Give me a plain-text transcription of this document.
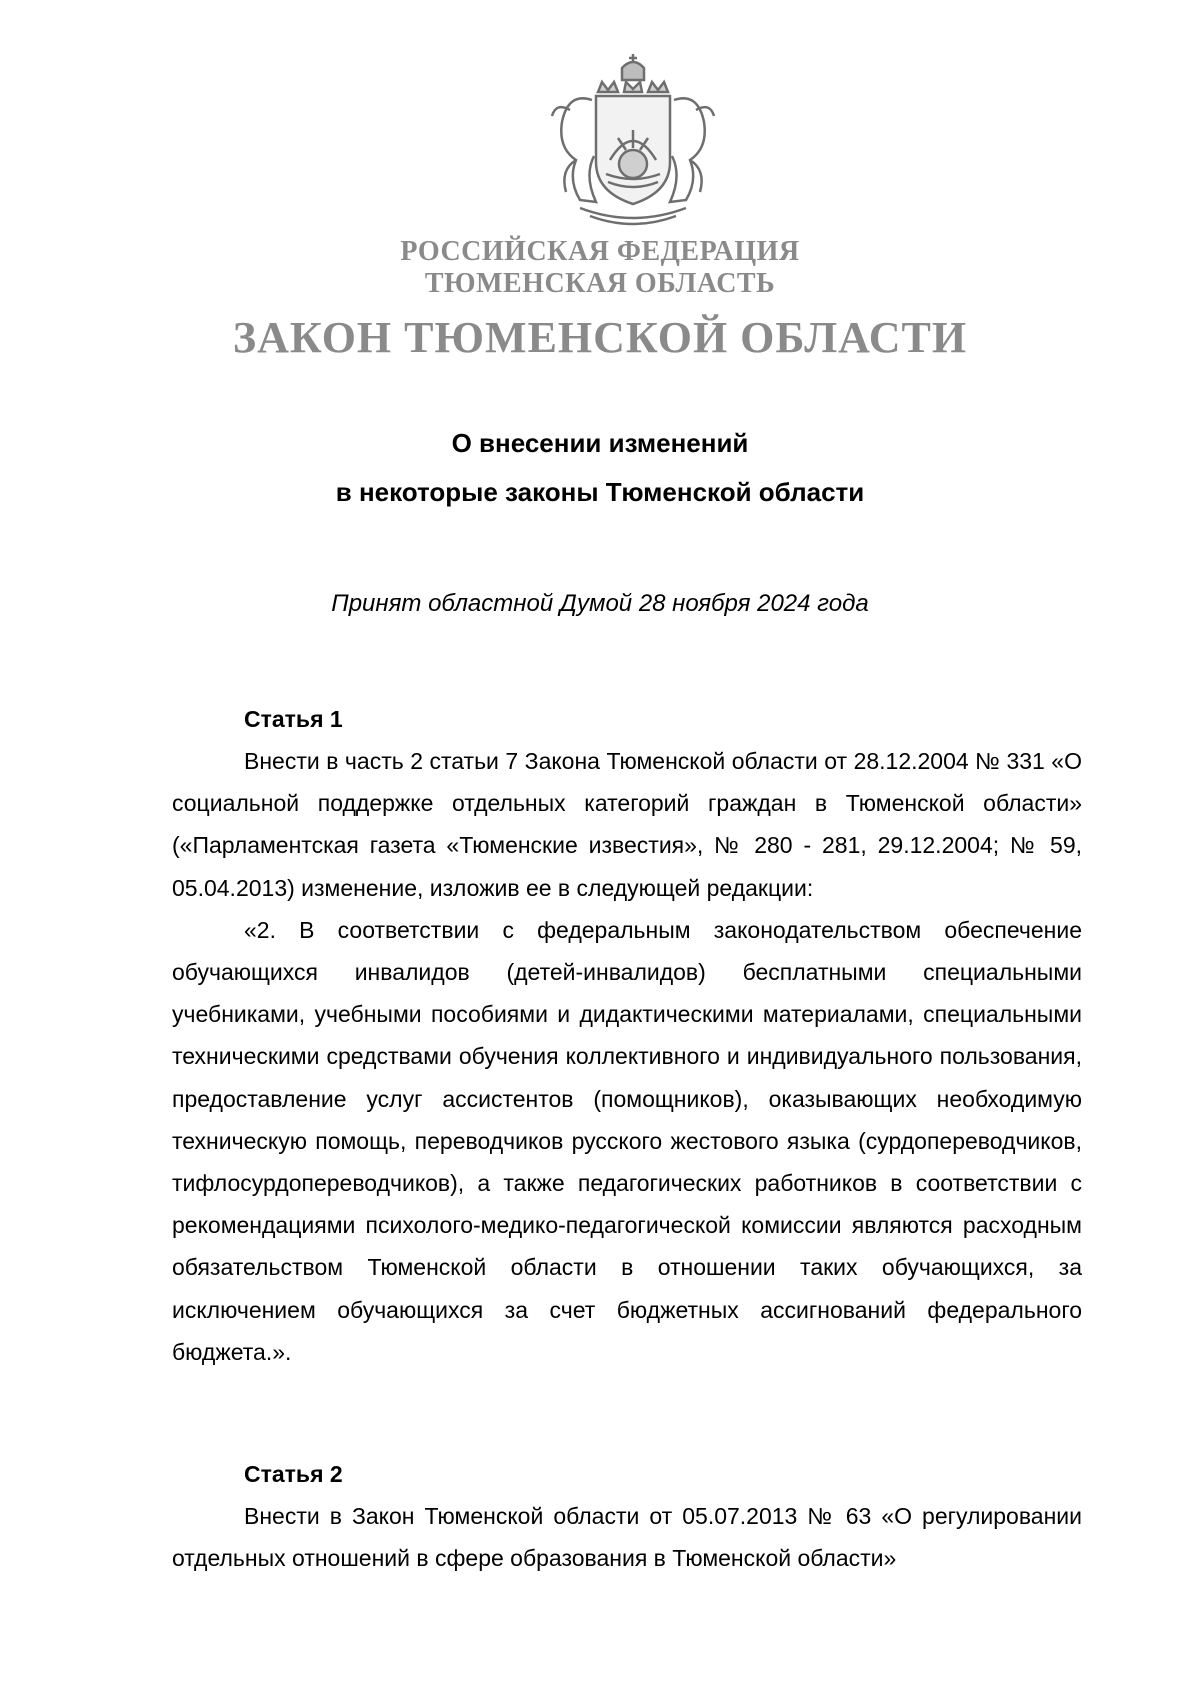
РОССИЙСКАЯ ФЕДЕРАЦИЯ
ТЮМЕНСКАЯ ОБЛАСТЬ
ЗАКОН ТЮМЕНСКОЙ ОБЛАСТИ
О внесении изменений
в некоторые законы Тюменской области
Принят областной Думой 28 ноября 2024 года
Статья 1

Внести в часть 2 статьи 7 Закона Тюменской области от 28.12.2004 № 331 «О социальной поддержке отдельных категорий граждан в Тюменской области» («Парламентская газета «Тюменские известия», № 280 - 281, 29.12.2004; № 59, 05.04.2013) изменение, изложив ее в следующей редакции:

«2. В соответствии с федеральным законодательством обеспечение обучающихся инвалидов (детей-инвалидов) бесплатными специальными учебниками, учебными пособиями и дидактическими материалами, специальными техническими средствами обучения коллективного и индивидуального пользования, предоставление услуг ассистентов (помощников), оказывающих необходимую техническую помощь, переводчиков русского жестового языка (сурдопереводчиков, тифлосурдопереводчиков), а также педагогических работников в соответствии с рекомендациями психолого-медико-педагогической комиссии являются расходным обязательством Тюменской области в отношении таких обучающихся, за исключением обучающихся за счет бюджетных ассигнований федерального бюджета.».

Статья 2

Внести в Закон Тюменской области от 05.07.2013 № 63 «О регулировании отдельных отношений в сфере образования в Тюменской области»
